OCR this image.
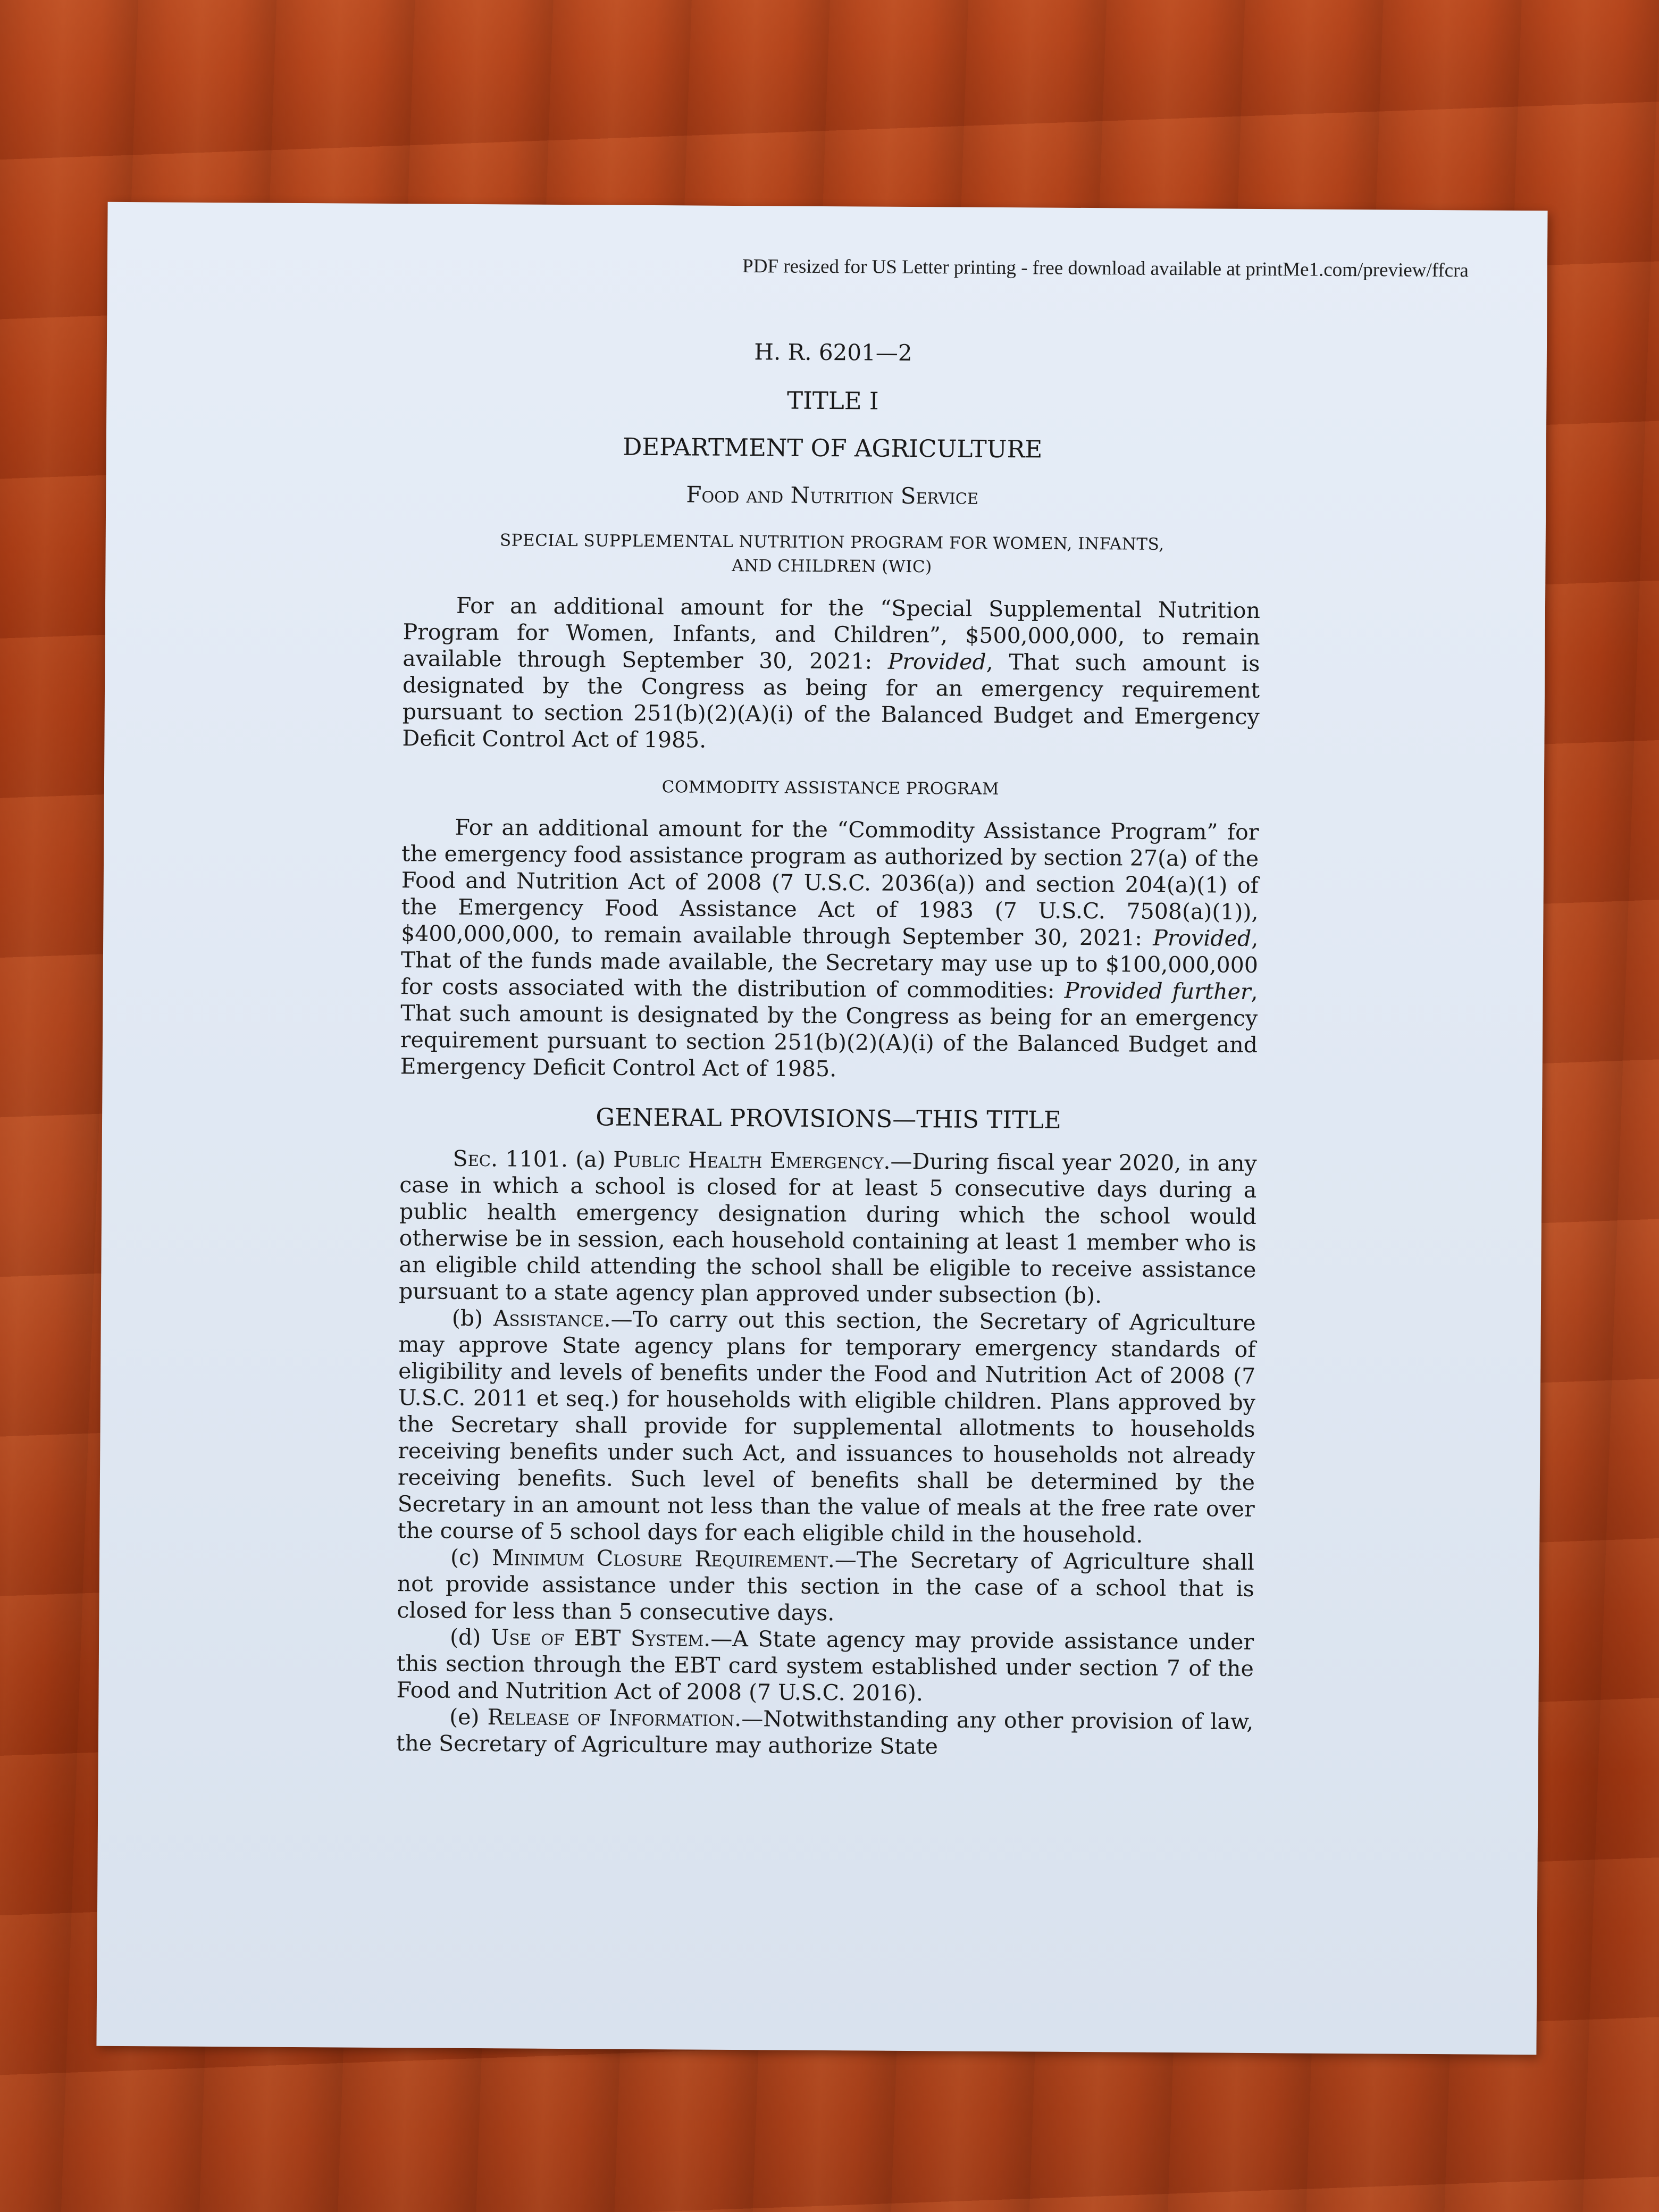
PDF resized for US Letter printing - free download available at printMe1.com/preview/ffcra
H. R. 6201—2
TITLE I
DEPARTMENT OF AGRICULTURE
Food and Nutrition Service
SPECIAL SUPPLEMENTAL NUTRITION PROGRAM FOR WOMEN, INFANTS,
AND CHILDREN (WIC)

For an additional amount for the “Special Supplemental Nutrition Program for Women, Infants, and Children”, $500,000,000, to remain available through September 30, 2021: Provided, That such amount is designated by the Congress as being for an emergency requirement pursuant to section 251(b)(2)(A)(i) of the Balanced Budget and Emergency Deficit Control Act of 1985.

COMMODITY ASSISTANCE PROGRAM

For an additional amount for the “Commodity Assistance Program” for the emergency food assistance program as authorized by section 27(a) of the Food and Nutrition Act of 2008 (7 U.S.C. 2036(a)) and section 204(a)(1) of the Emergency Food Assistance Act of 1983 (7 U.S.C. 7508(a)(1)), $400,000,000, to remain available through September 30, 2021: Provided, That of the funds made available, the Secretary may use up to $100,000,000 for costs associated with the distribution of commodities: Provided further, That such amount is designated by the Congress as being for an emergency requirement pursuant to section 251(b)(2)(A)(i) of the Balanced Budget and Emergency Deficit Control Act of 1985.

GENERAL PROVISIONS—THIS TITLE

Sec. 1101. (a) Public Health Emergency.—During fiscal year 2020, in any case in which a school is closed for at least 5 consecutive days during a public health emergency designation during which the school would otherwise be in session, each household containing at least 1 member who is an eligible child attending the school shall be eligible to receive assistance pursuant to a state agency plan approved under subsection (b).

(b) Assistance.—To carry out this section, the Secretary of Agriculture may approve State agency plans for temporary emergency standards of eligibility and levels of benefits under the Food and Nutrition Act of 2008 (7 U.S.C. 2011 et seq.) for households with eligible children. Plans approved by the Secretary shall provide for supplemental allotments to households receiving benefits under such Act, and issuances to households not already receiving benefits. Such level of benefits shall be determined by the Secretary in an amount not less than the value of meals at the free rate over the course of 5 school days for each eligible child in the household.

(c) Minimum Closure Requirement.—The Secretary of Agriculture shall not provide assistance under this section in the case of a school that is closed for less than 5 consecutive days.

(d) Use of EBT System.—A State agency may provide assistance under this section through the EBT card system established under section 7 of the Food and Nutrition Act of 2008 (7 U.S.C. 2016).

(e) Release of Information.—Notwithstanding any other provision of law, the Secretary of Agriculture may authorize State
